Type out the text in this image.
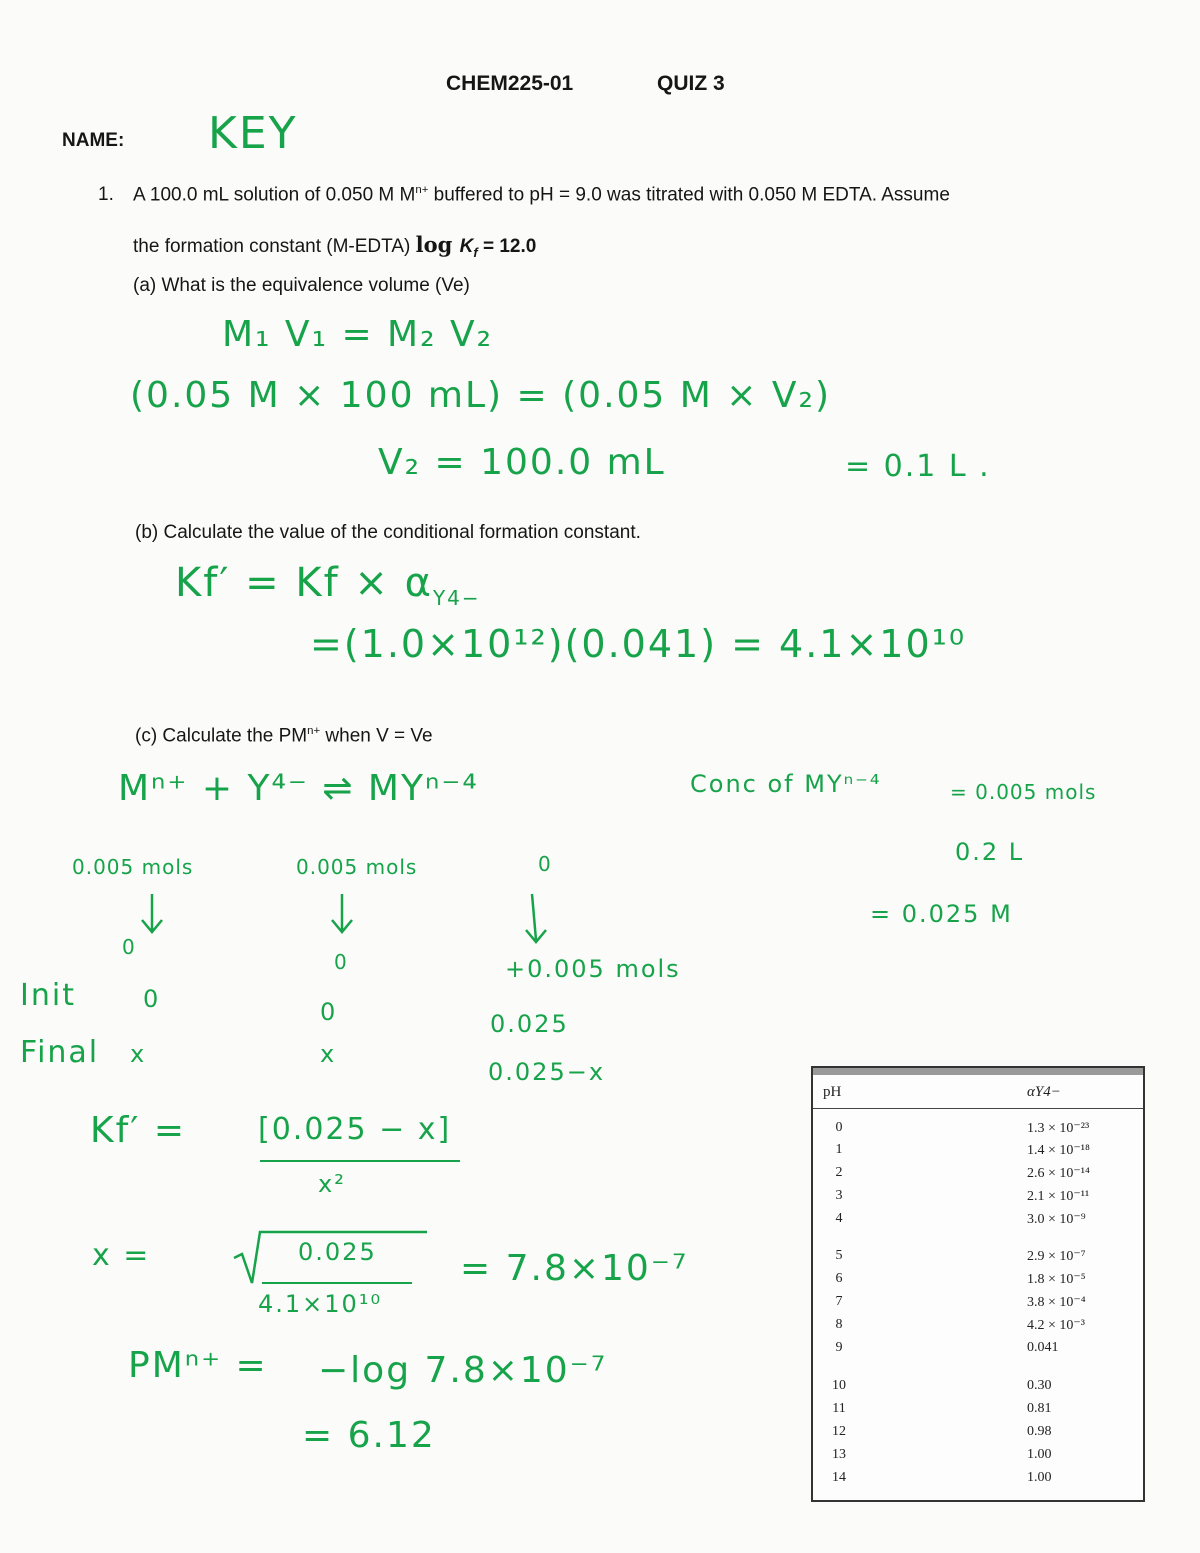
CHEM225-01	QUIZ 3
NAME: KEY
1. A 100.0 mL solution of 0.050 M $M^{n+}$ buffered to pH = 9.0 was titrated with 0.050 M EDTA. Assume
the formation constant (M-EDTA) $\log K_f = 12.0$
(a) What is the equivalence volume (Ve)
M₁ V₁ = M₂ V₂
(0.05 M × 100 mL) = (0.05 M × V₂)
V₂ = 100.0 mL	= 0.1 L .
(b) Calculate the value of the conditional formation constant.
$Kf' = Kf \times \alpha_{Y4-}$
=(1.0×10¹²)(0.041) = 4.1×10¹⁰
(c) Calculate the $PM^{n+}$ when V = Ve
Mⁿ⁺ + Y⁴⁻ ⇌ MYⁿ⁻⁴	Conc of MYⁿ⁻⁴	= 0.005 mols
0.2 L
= 0.025 M
0.005 mols	0.005 mols	0
0
0	+0.005 mols
Init	0	0	0.025
Final x	x
0.025−x
Kf′ = [0.025 − x]
x²
x =	0.025
4.1×10¹⁰
= 7.8×10⁻⁷
PMⁿ⁺ = −log 7.8×10⁻⁷
= 6.12
pH	αY4−
0	1.3 × 10⁻²³
1	1.4 × 10⁻¹⁸
2	2.6 × 10⁻¹⁴
3	2.1 × 10⁻¹¹
4	3.0 × 10⁻⁹
5	2.9 × 10⁻⁷
6	1.8 × 10⁻⁵
7	3.8 × 10⁻⁴
8	4.2 × 10⁻³
9	0.041
10	0.30
11	0.81
12	0.98
13	1.00
14	1.00
